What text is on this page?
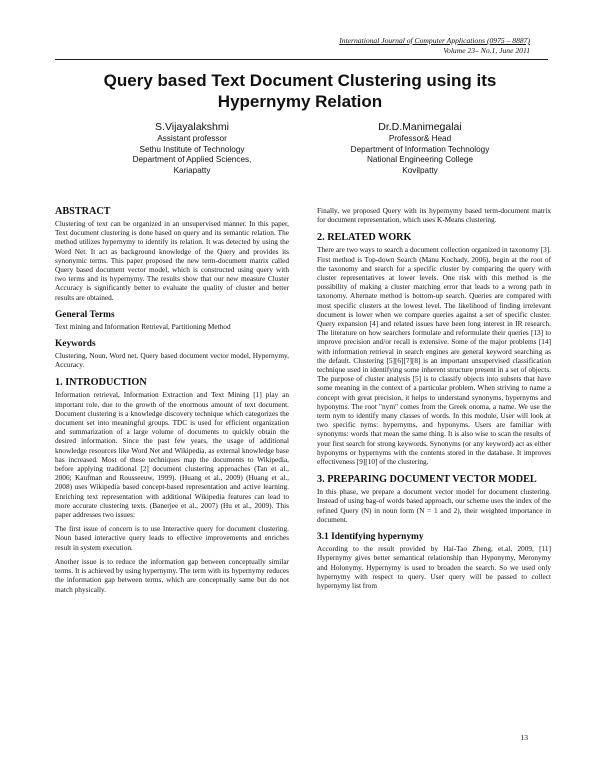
International Journal of Computer Applications (0975 – 8887)
Volume 23– No.1, June 2011
Query based Text Document Clustering using its
Hypernymy Relation
S.Vijayalakshmi
Assistant professor
Sethu Institute of Technology
Department of Applied Sciences,
Kariapatty
Dr.D.Manimegalai
Professor& Head
Department of Information Technology
National Engineering College
Kovilpatty
ABSTRACT

Clustering of text can be organized in an unsupervised manner. In this paper, Text document clustering is done based on query and its semantic relation. The method utilizes hypernymy to identify its relation. It was detected by using the Word Net. It act as background knowledge of the Query and provides its synonymic terms. This paper proposed the new term-document matrix called Query based document vector model, which is constructed using query with two terms and its hypernymy. The results show that our new measure Cluster Accuracy is significantly better to evaluate the quality of cluster and better results are obtained.

General Terms

Text mining and Information Retrieval, Partitioning Method

Keywords

Clustering, Noun, Word net, Query based document vector model, Hypernymy, Accuracy.

1. INTRODUCTION

Information retrieval, Information Extraction and Text Mining [1] play an important role, due to the growth of the enormous amount of text document. Document clustering is a knowledge discovery technique which categorizes the document set into meaningful groups. TDC is used for efficient organization and summarization of a large volume of documents to quickly obtain the desired information. Since the past few years, the usage of additional knowledge resources like Word Net and Wikipedia, as external knowledge base has increased. Most of these techniques map the documents to Wikipedia, before applying traditional [2] document clustering approaches (Tan et al., 2006; Kaufman and Rousseeuw, 1999). (Huang et al., 2009) (Huang et al., 2008) uses Wikipedia based concept-based representation and active learning. Enriching text representation with additional Wikipedia features can lead to more accurate clustering texts. (Banerjee et al., 2007) (Hu et al., 2009). This paper addresses two issues:

The first issue of concern is to use Interactive query for document clustering. Noun based interactive query leads to effective improvements and enriches result in system execution.

Another issue is to reduce the information gap between conceptually similar terms. It is achieved by using hypernymy. The term with its hypernymy reduces the information gap between terms, which are conceptually same but do not match physically.

Finally, we proposed Query with its hypernymy based term-document matrix for document representation, which uses K-Means clustering.

2. RELATED WORK

There are two ways to search a document collection organized in taxonomy [3]. First method is Top-down Search (Manu Kochady, 2006), begin at the root of the taxonomy and search for a specific cluster by comparing the query with cluster representatives at lower levels. One risk with this method is the possibility of making a cluster matching error that leads to a wrong path in taxonomy. Alternate method is bottom-up search. Queries are compared with most specific clusters at the lowest level. The likelihood of finding irrelevant document is lower when we compare queries against a set of specific cluster. Query expansion [4] and related issues have been long interest in IR research. The literature on how searchers formulate and reformulate their queries [13] to improve precision and/or recall is extensive. Some of the major problems [14] with information retrieval in search engines are general keyword searching as the default. Clustering [5][6][7][8] is an important unsupervised classification technique used in identifying some inherent structure present in a set of objects. The purpose of cluster analysis [5] is to classify objects into subsets that have some meaning in the context of a particular problem. When striving to name a concept with great precision, it helps to understand synonyms, hypernyms and hyponyms. The root "nym" comes from the Greek onoma, a name. We use the term nym to identify many classes of words. In this module, User will look at two specific nyms: hypernyms, and hyponyms. Users are familiar with synonyms: words that mean the same thing. It is also wise to scan the results of your first search for strong keywords. Synonyms (or any keyword) act as either hyponyms or hypernyms with the contents stored in the database. It improves effectiveness [9][10] of the clustering.

3. PREPARING DOCUMENT VECTOR MODEL

In this phase, we prepare a document vector model for document clustering. Instead of using bag-of words based approach, our scheme uses the index of the refined Query (N) in noun form (N = 1 and 2), their weighted importance in document.

3.1 Identifying hypernymy

According to the result provided by Hai-Tao Zheng, et.al, 2009, [11] Hypernymy gives better semantical relationship than Hyponymy, Meronymy and Holonymy. Hypernymy is used to broaden the search. So we used only hypernymy with respect to query. User query will be passed to collect hypernymy list from

13
